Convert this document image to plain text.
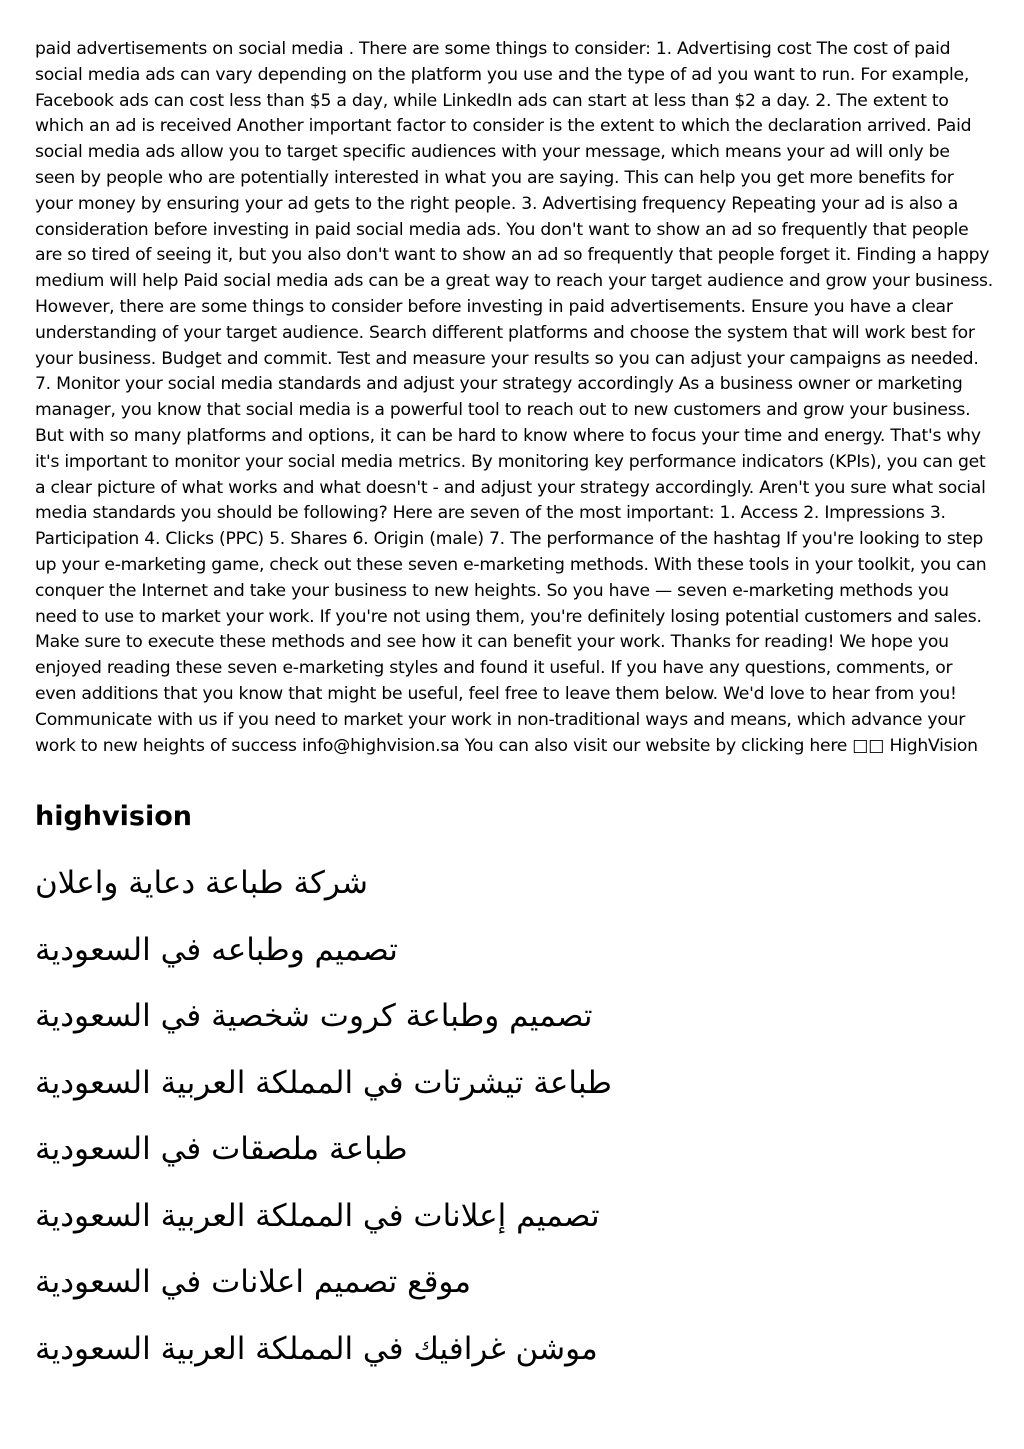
paid advertisements on social media . There are some things to consider: 1. Advertising cost The cost of paid social media ads can vary depending on the platform you use and the type of ad you want to run. For example, Facebook ads can cost less than $5 a day, while LinkedIn ads can start at less than $2 a day. 2. The extent to which an ad is received Another important factor to consider is the extent to which the declaration arrived. Paid social media ads allow you to target specific audiences with your message, which means your ad will only be seen by people who are potentially interested in what you are saying. This can help you get more benefits for your money by ensuring your ad gets to the right people. 3. Advertising frequency Repeating your ad is also a consideration before investing in paid social media ads. You don't want to show an ad so frequently that people are so tired of seeing it, but you also don't want to show an ad so frequently that people forget it. Finding a happy medium will help Paid social media ads can be a great way to reach your target audience and grow your business. However, there are some things to consider before investing in paid advertisements. Ensure you have a clear understanding of your target audience. Search different platforms and choose the system that will work best for your business. Budget and commit. Test and measure your results so you can adjust your campaigns as needed. 7. Monitor your social media standards and adjust your strategy accordingly As a business owner or marketing manager, you know that social media is a powerful tool to reach out to new customers and grow your business. But with so many platforms and options, it can be hard to know where to focus your time and energy. That's why it's important to monitor your social media metrics. By monitoring key performance indicators (KPIs), you can get a clear picture of what works and what doesn't - and adjust your strategy accordingly. Aren't you sure what social media standards you should be following? Here are seven of the most important: 1. Access 2. Impressions 3. Participation 4. Clicks (PPC) 5. Shares 6. Origin (male) 7. The performance of the hashtag If you're looking to step up your e-marketing game, check out these seven e-marketing methods. With these tools in your toolkit, you can conquer the Internet and take your business to new heights. So you have — seven e-marketing methods you need to use to market your work. If you're not using them, you're definitely losing potential customers and sales. Make sure to execute these methods and see how it can benefit your work. Thanks for reading! We hope you enjoyed reading these seven e-marketing styles and found it useful. If you have any questions, comments, or even additions that you know that might be useful, feel free to leave them below. We'd love to hear from you! Communicate with us if you need to market your work in non-traditional ways and means, which advance your work to new heights of success info@highvision.sa You can also visit our website by clicking here □□ HighVision

highvision
شركة طباعة دعاية واعلان
تصميم وطباعه في السعودية
تصميم وطباعة كروت شخصية في السعودية
طباعة تيشرتات في المملكة العربية السعودية
طباعة ملصقات في السعودية
تصميم إعلانات في المملكة العربية السعودية
موقع تصميم اعلانات في السعودية
موشن غرافيك في المملكة العربية السعودية
